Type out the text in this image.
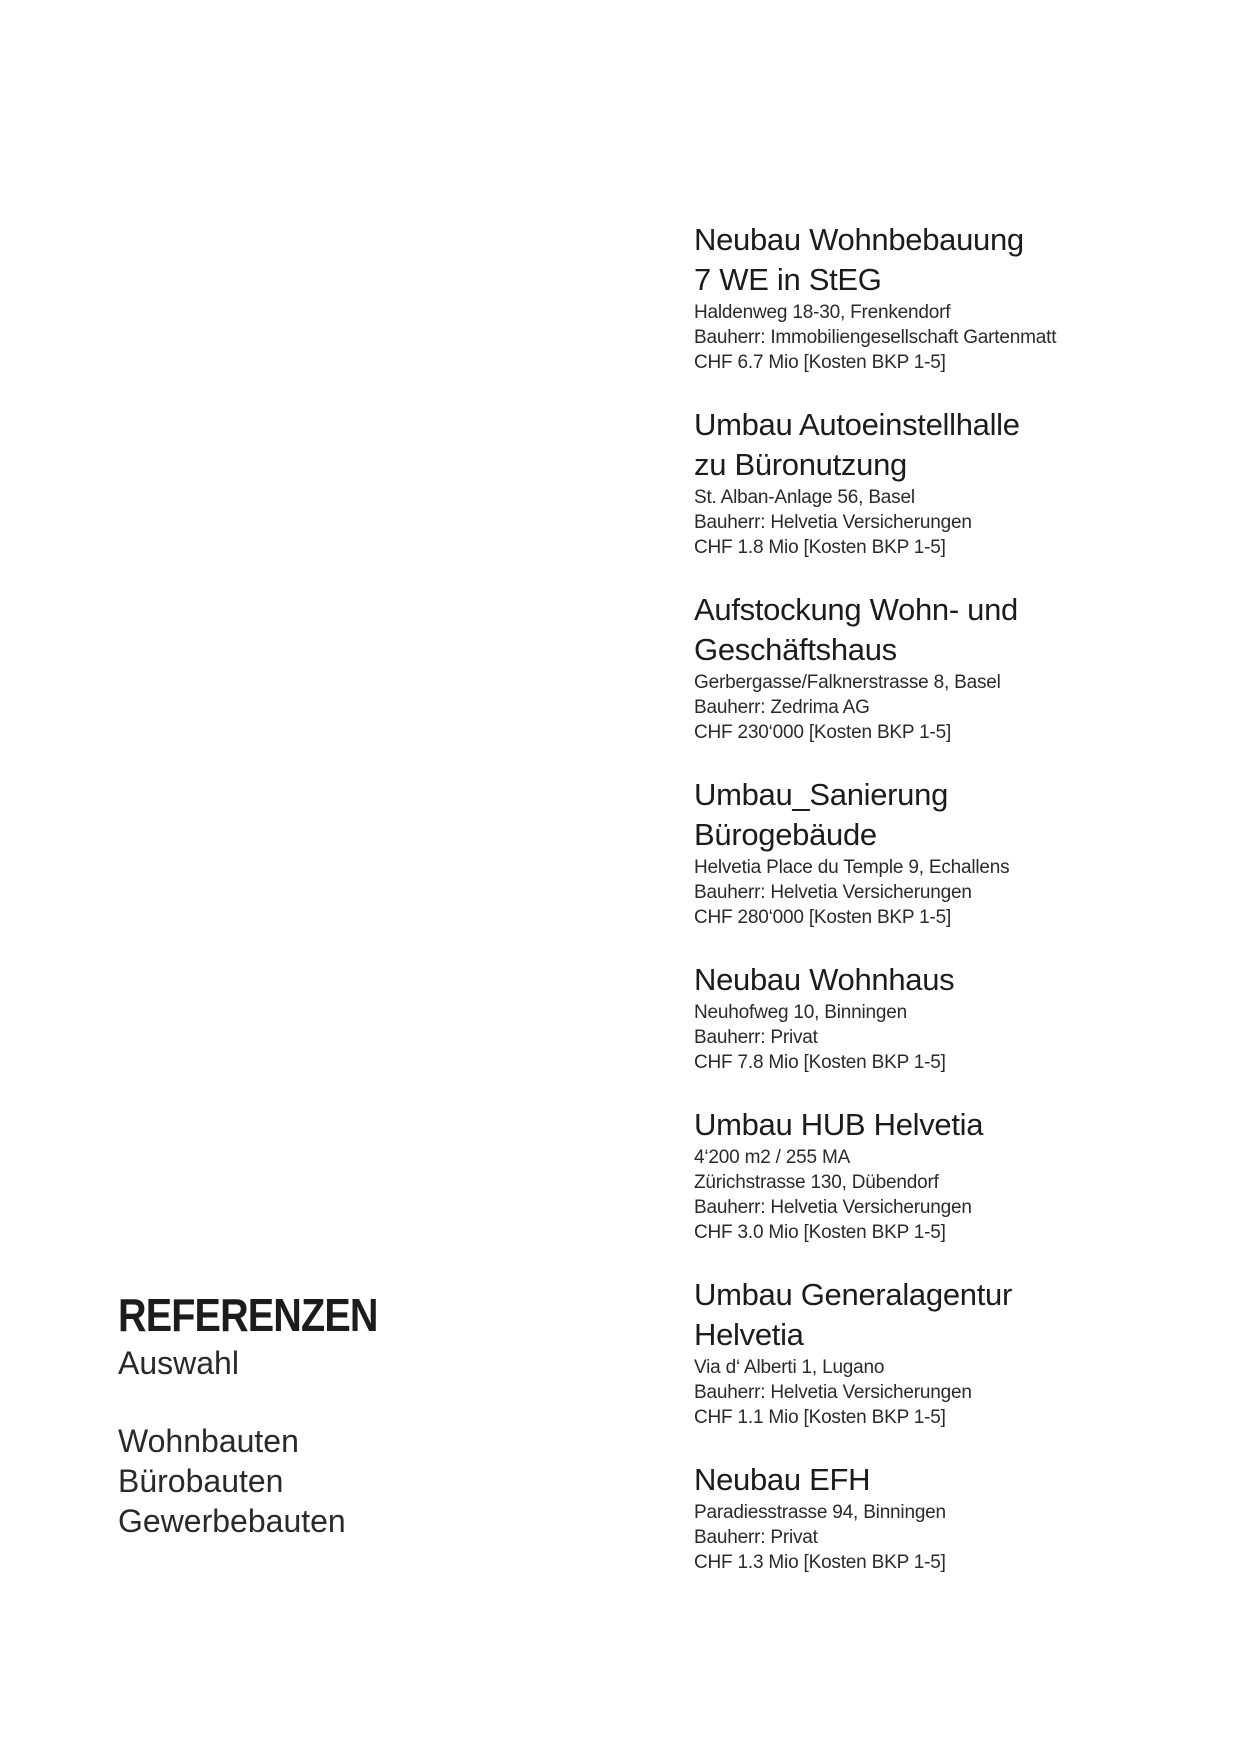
REFERENZEN
Auswahl
Wohnbauten
Bürobauten
Gewerbebauten
Neubau Wohnbebauung
7 WE in StEG
Haldenweg 18-30, Frenkendorf
Bauherr: Immobiliengesellschaft Gartenmatt
CHF 6.7 Mio [Kosten BKP 1-5]
Umbau Autoeinstellhalle
zu Büronutzung
St. Alban-Anlage 56, Basel
Bauherr: Helvetia Versicherungen
CHF 1.8 Mio [Kosten BKP 1-5]
Aufstockung Wohn- und
Geschäftshaus
Gerbergasse/Falknerstrasse 8, Basel
Bauherr: Zedrima AG
CHF 230‘000 [Kosten BKP 1-5]
Umbau_Sanierung
Bürogebäude
Helvetia Place du Temple 9, Echallens
Bauherr: Helvetia Versicherungen
CHF 280‘000 [Kosten BKP 1-5]
Neubau Wohnhaus
Neuhofweg 10, Binningen
Bauherr: Privat
CHF 7.8 Mio [Kosten BKP 1-5]
Umbau HUB Helvetia
4‘200 m2 / 255 MA
Zürichstrasse 130, Dübendorf
Bauherr: Helvetia Versicherungen
CHF 3.0 Mio [Kosten BKP 1-5]
Umbau Generalagentur
Helvetia
Via d‘ Alberti 1, Lugano
Bauherr: Helvetia Versicherungen
CHF 1.1 Mio [Kosten BKP 1-5]
Neubau EFH
Paradiesstrasse 94, Binningen
Bauherr: Privat
CHF 1.3 Mio [Kosten BKP 1-5]
